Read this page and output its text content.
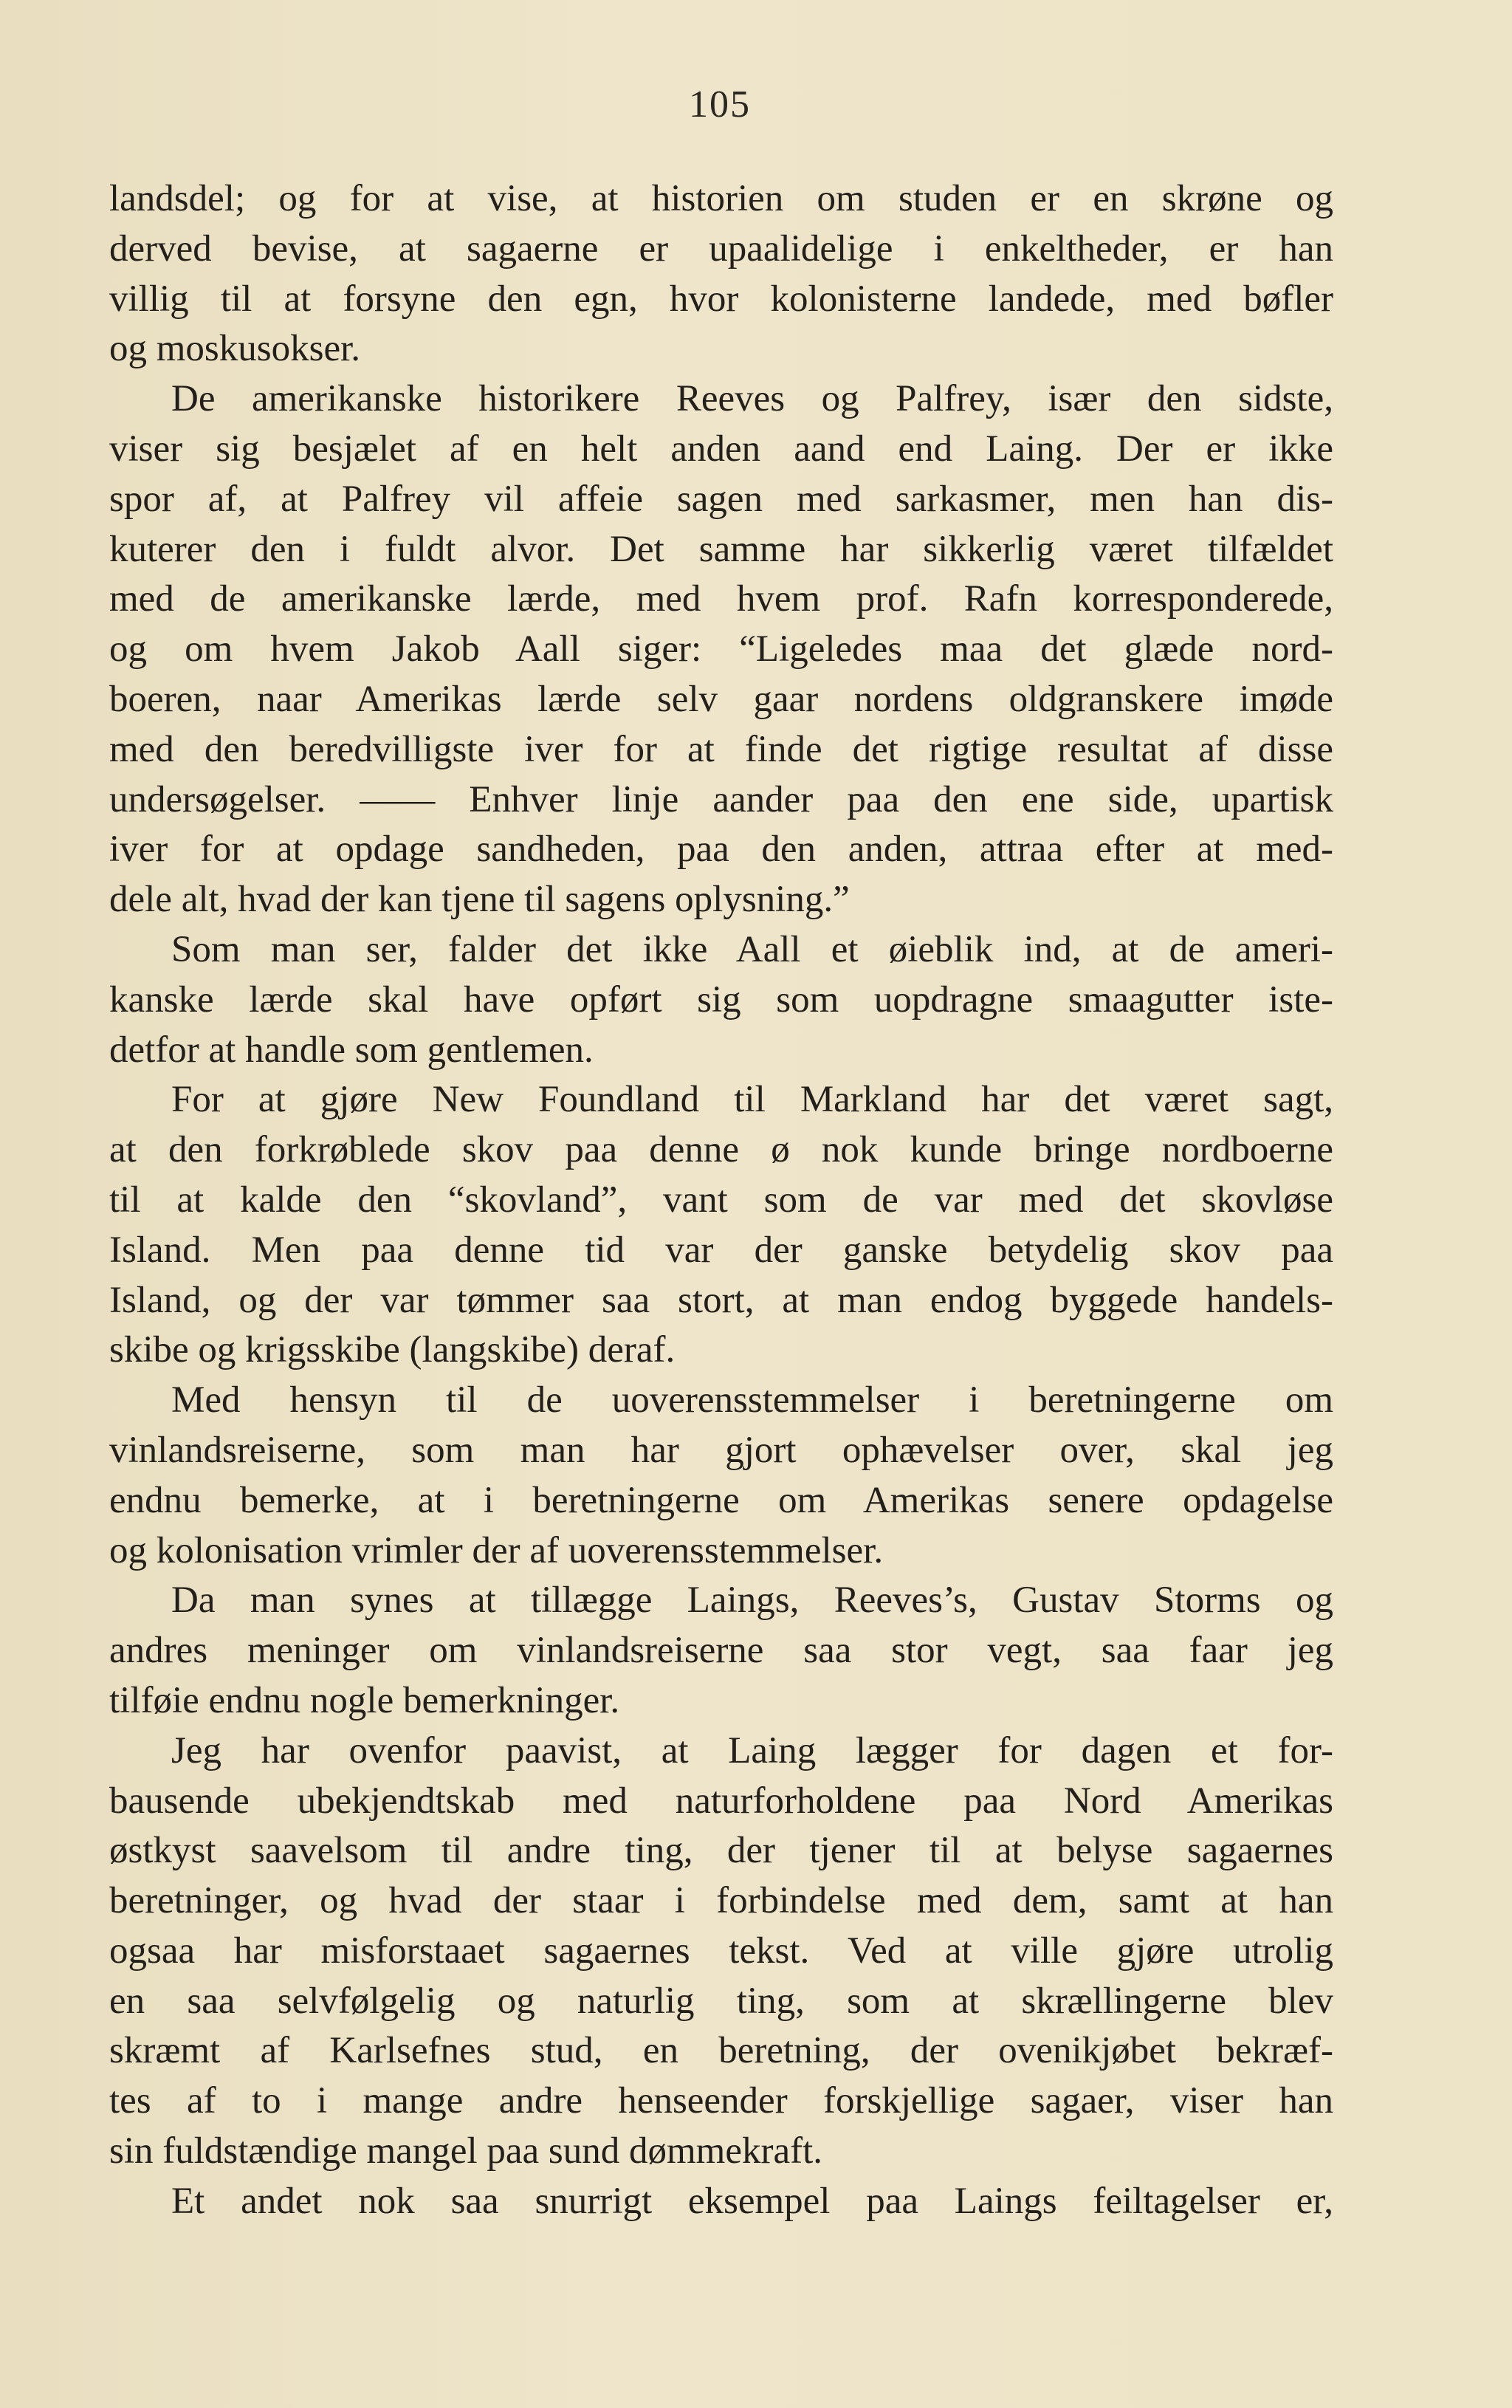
105
landsdel; og for at vise, at historien om studen er en skrøne og
derved bevise, at sagaerne er upaalidelige i enkeltheder, er han
villig til at forsyne den egn, hvor kolonisterne landede, med bøfler
og moskusokser.
De amerikanske historikere Reeves og Palfrey, især den sidste,
viser sig besjælet af en helt anden aand end Laing. Der er ikke
spor af, at Palfrey vil affeie sagen med sarkasmer, men han dis-
kuterer den i fuldt alvor. Det samme har sikkerlig været tilfældet
med de amerikanske lærde, med hvem prof. Rafn korresponderede,
og om hvem Jakob Aall siger: “Ligeledes maa det glæde nord-
boeren, naar Amerikas lærde selv gaar nordens oldgranskere imøde
med den beredvilligste iver for at finde det rigtige resultat af disse
undersøgelser. —— Enhver linje aander paa den ene side, upartisk
iver for at opdage sandheden, paa den anden, attraa efter at med-
dele alt, hvad der kan tjene til sagens oplysning.”
Som man ser, falder det ikke Aall et øieblik ind, at de ameri-
kanske lærde skal have opført sig som uopdragne smaagutter iste-
detfor at handle som gentlemen.
For at gjøre New Foundland til Markland har det været sagt,
at den forkrøblede skov paa denne ø nok kunde bringe nordboerne
til at kalde den “skovland”, vant som de var med det skovløse
Island. Men paa denne tid var der ganske betydelig skov paa
Island, og der var tømmer saa stort, at man endog byggede handels-
skibe og krigsskibe (langskibe) deraf.
Med hensyn til de uoverensstemmelser i beretningerne om
vinlandsreiserne, som man har gjort ophævelser over, skal jeg
endnu bemerke, at i beretningerne om Amerikas senere opdagelse
og kolonisation vrimler der af uoverensstemmelser.
Da man synes at tillægge Laings, Reeves’s, Gustav Storms og
andres meninger om vinlandsreiserne saa stor vegt, saa faar jeg
tilføie endnu nogle bemerkninger.
Jeg har ovenfor paavist, at Laing lægger for dagen et for-
bausende ubekjendtskab med naturforholdene paa Nord Amerikas
østkyst saavelsom til andre ting, der tjener til at belyse sagaernes
beretninger, og hvad der staar i forbindelse med dem, samt at han
ogsaa har misforstaaet sagaernes tekst. Ved at ville gjøre utrolig
en saa selvfølgelig og naturlig ting, som at skrællingerne blev
skræmt af Karlsefnes stud, en beretning, der ovenikjøbet bekræf-
tes af to i mange andre henseender forskjellige sagaer, viser han
sin fuldstændige mangel paa sund dømmekraft.
Et andet nok saa snurrigt eksempel paa Laings feiltagelser er,
